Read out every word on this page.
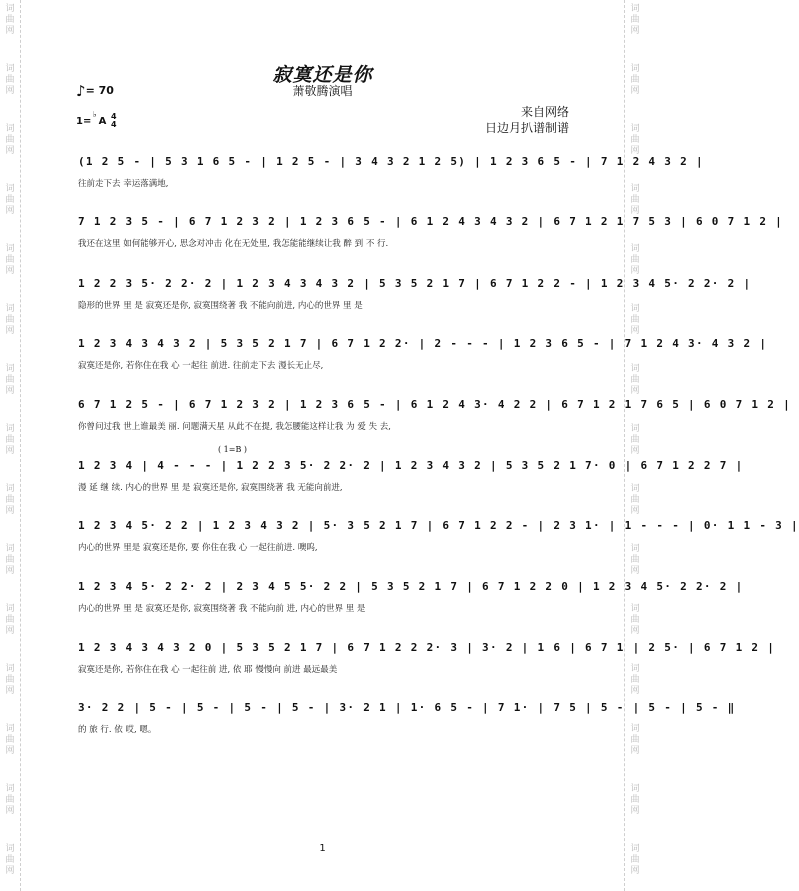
词
曲
网
词
曲
网
词
曲
网
词
曲
网
词
曲
网
词
曲
网
词
曲
网
词
曲
网
词
曲
网
词
曲
网
词
曲
网
词
曲
网
词
曲
网
词
曲
网
词
曲
网
词
曲
网
词
曲
网
词
曲
网
词
曲
网
词
曲
网
词
曲
网
词
曲
网
词
曲
网
词
曲
网
词
曲
网
词
曲
网
词
曲
网
词
曲
网
词
曲
网
词
曲
网
寂寞还是你
萧敬腾演唱
♪= 70
1= ♭A 4
4
来自网络
日边月扒谱制谱
(1 2 5 - | 5 3 1 6 5 - | 1 2 5 - | 3 4 3 2 1 2 5) | 1 2 3 6 5 - | 7 1 2 4 3 2 |
往前走下去 幸运落满地,
7 1 2 3 5 - | 6 7 1 2 3 2 | 1 2 3 6 5 - | 6 1 2 4 3 4 3 2 | 6 7 1 2 1 7 5 3 | 6 0 7 1 2 |
我还在这里 如何能够开心, 思念对冲击 化在无处里, 我怎能能继续让我 醉 到 不 行.
1 2 2 3 5· 2 2· 2 | 1 2 3 4 3 4 3 2 | 5 3 5 2 1 7 | 6 7 1 2 2 - | 1 2 3 4 5· 2 2· 2 |
隐形的世界 里 是 寂寞还是你, 寂寞围绕著 我 不能向前进, 内心的世界 里 是
1 2 3 4 3 4 3 2 | 5 3 5 2 1 7 | 6 7 1 2 2· | 2 - - - | 1 2 3 6 5 - | 7 1 2 4 3· 4 3 2 |
寂寞还是你, 若你住在我 心 一起往 前进. 往前走下去 漫长无止尽,
6 7 1 2 5 - | 6 7 1 2 3 2 | 1 2 3 6 5 - | 6 1 2 4 3· 4 2 2 | 6 7 1 2 1 7 6 5 | 6 0 7 1 2 |
你曾问过我 世上谁最美 丽. 问题满天星 从此不在提, 我怎腰能这样让我 为 爱 失 去,
( 1=B )
1 2 3 4 | 4 - - - | 1 2 2 3 5· 2 2· 2 | 1 2 3 4 3 2 | 5 3 5 2 1 7· 0 | 6 7 1 2 2 7 |
漫 延 继 续. 内心的世界 里 是 寂寞还是你, 寂寞围绕著 我 无能向前进,
1 2 3 4 5· 2 2 | 1 2 3 4 3 2 | 5· 3 5 2 1 7 | 6 7 1 2 2 - | 2 3 1· | 1 - - - | 0· 1 1 - 3 |
内心的世界 里是 寂寞还是你, 要 你住在我 心 一起往前进. 噢呜,
1 2 3 4 5· 2 2· 2 | 2 3 4 5 5· 2 2 | 5 3 5 2 1 7 | 6 7 1 2 2 0 | 1 2 3 4 5· 2 2· 2 |
内心的世界 里 是 寂寞还是你, 寂寞围绕著 我 不能向前 进, 内心的世界 里 是
1 2 3 4 3 4 3 2 0 | 5 3 5 2 1 7 | 6 7 1 2 2 2· 3 | 3· 2 | 1 6 | 6 7 1 | 2 5· | 6 7 1 2 |
寂寞还是你, 若你住在我 心 一起往前 进, 依 耶 慢慢向 前进 最远最美
3· 2 2 | 5 - | 5 - | 5 - | 5 - | 3· 2 1 | 1· 6 5 - | 7 1· | 7 5 | 5 - | 5 - | 5 - ‖
的 旅 行. 依 哎, 嗯。
1
